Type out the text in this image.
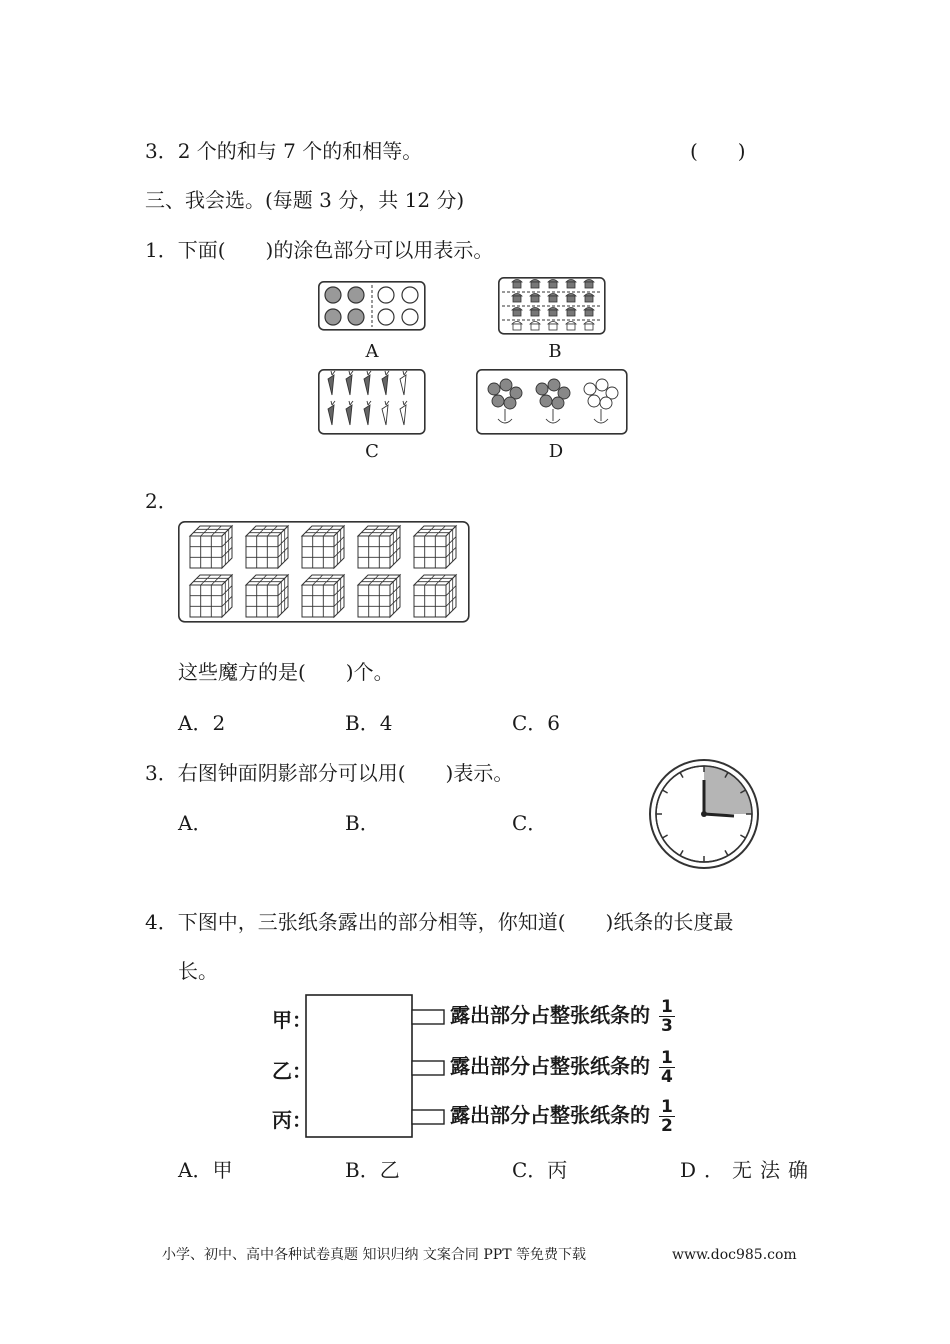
3．2 个的和与 7 个的和相等。	(　　)
三、我会选。(每题 3 分，共 12 分)
1．下面(　　)的涂色部分可以用表示。
A	B
C	D
2．
这些魔方的是(　　)个。
A．2	B．4	C．6
3．右图钟面阴影部分可以用(　　)表示。
A．	B．	C．
4．下图中，三张纸条露出的部分相等，你知道(　　)纸条的长度最
长。
甲：
乙：
丙：
露出部分占整张纸条的 $\frac{1}{3}$
露出部分占整张纸条的 $\frac{1}{4}$
露出部分占整张纸条的 $\frac{1}{2}$
A．甲	B．乙	C．丙	D．无法确
小学、初中、高中各种试卷真题 知识归纳 文案合同 PPT 等免费下载	www.doc985.com
